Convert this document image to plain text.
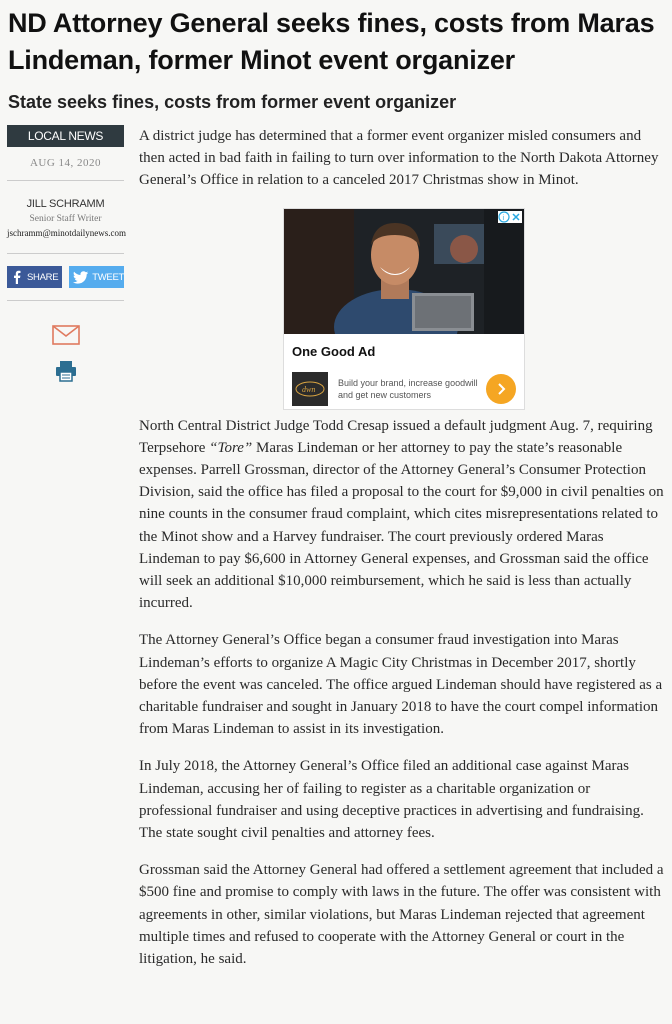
ND Attorney General seeks fines, costs from Maras Lindeman, former Minot event organizer
State seeks fines, costs from former event organizer
LOCAL NEWS
AUG 14, 2020
JILL SCHRAMM
Senior Staff Writer
jschramm@minotdailynews.com
SHARE	TWEET

A district judge has determined that a former event organizer misled consumers and then acted in bad faith in failing to turn over information to the North Dakota Attorney General’s Office in relation to a canceled 2017 Christmas show in Minot.

i
One Good Ad
dwn
Build your brand, increase goodwill and get new customers

North Central District Judge Todd Cresap issued a default judgment Aug. 7, requiring Terpsehore “Tore” Maras Lindeman or her attorney to pay the state’s reasonable expenses. Parrell Grossman, director of the Attorney General’s Consumer Protection Division, said the office has filed a proposal to the court for $9,000 in civil penalties on nine counts in the consumer fraud complaint, which cites misrepresentations related to the Minot show and a Harvey fundraiser. The court previously ordered Maras Lindeman to pay $6,600 in Attorney General expenses, and Grossman said the office will seek an additional $10,000 reimbursement, which he said is less than actually incurred.

The Attorney General’s Office began a consumer fraud investigation into Maras Lindeman’s efforts to organize A Magic City Christmas in December 2017, shortly before the event was canceled. The office argued Lindeman should have registered as a charitable fundraiser and sought in January 2018 to have the court compel information from Maras Lindeman to assist in its investigation.

In July 2018, the Attorney General’s Office filed an additional case against Maras Lindeman, accusing her of failing to register as a charitable organization or professional fundraiser and using deceptive practices in advertising and fundraising. The state sought civil penalties and attorney fees.

Grossman said the Attorney General had offered a settlement agreement that included a $500 fine and promise to comply with laws in the future. The offer was consistent with agreements in other, similar violations, but Maras Lindeman rejected that agreement multiple times and refused to cooperate with the Attorney General or court in the litigation, he said.
